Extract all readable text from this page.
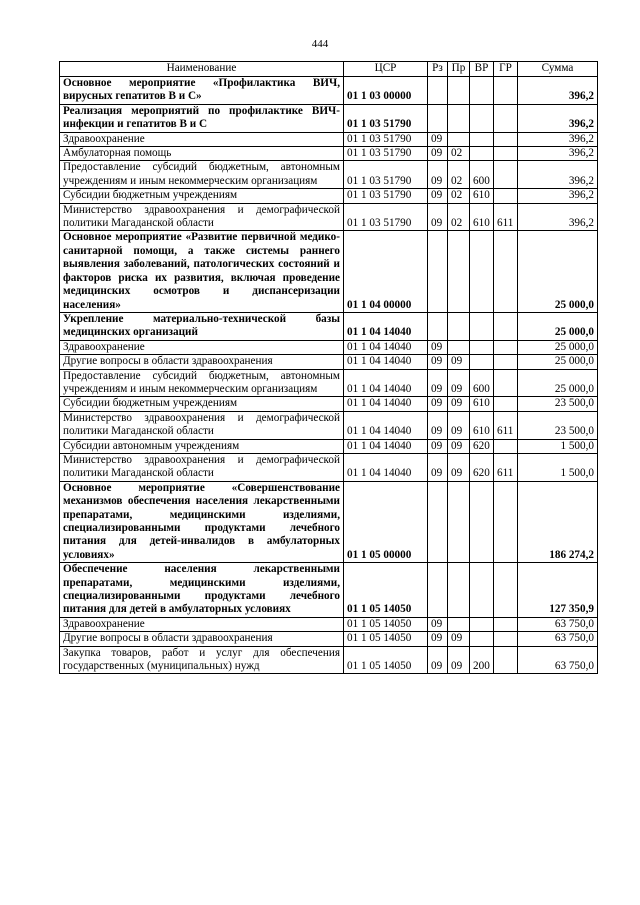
444
Наименование	ЦСР	Рз	Пр	ВР	ГР	Сумма
Основное мероприятие «Профилактика ВИЧ, вирусных гепатитов В и С»	01 1 03 00000					396,2
Реализация мероприятий по профилактике ВИЧ-инфекции и гепатитов В и С	01 1 03 51790					396,2
Здравоохранение	01 1 03 51790	09				396,2
Амбулаторная помощь	01 1 03 51790	09	02			396,2
Предоставление субсидий бюджетным, автономным учреждениям и иным некоммерческим организациям	01 1 03 51790	09	02	600		396,2
Субсидии бюджетным учреждениям	01 1 03 51790	09	02	610		396,2
Министерство здравоохранения и демографической политики Магаданской области	01 1 03 51790	09	02	610	611	396,2
Основное мероприятие «Развитие первичной медико-санитарной помощи, а также системы раннего выявления заболеваний, патологических состояний и факторов риска их развития, включая проведение медицинских осмотров и диспансеризации населения»	01 1 04 00000					25 000,0
Укрепление материально-технической базы медицинских организаций	01 1 04 14040					25 000,0
Здравоохранение	01 1 04 14040	09				25 000,0
Другие вопросы в области здравоохранения	01 1 04 14040	09	09			25 000,0
Предоставление субсидий бюджетным, автономным учреждениям и иным некоммерческим организациям	01 1 04 14040	09	09	600		25 000,0
Субсидии бюджетным учреждениям	01 1 04 14040	09	09	610		23 500,0
Министерство здравоохранения и демографической политики Магаданской области	01 1 04 14040	09	09	610	611	23 500,0
Субсидии автономным учреждениям	01 1 04 14040	09	09	620		1 500,0
Министерство здравоохранения и демографической политики Магаданской области	01 1 04 14040	09	09	620	611	1 500,0
Основное мероприятие «Совершенствование механизмов обеспечения населения лекарственными препаратами, медицинскими изделиями, специализированными продуктами лечебного питания для детей-инвалидов в амбулаторных условиях»	01 1 05 00000					186 274,2
Обеспечение населения лекарственными препаратами, медицинскими изделиями, специализированными продуктами лечебного питания для детей в амбулаторных условиях	01 1 05 14050					127 350,9
Здравоохранение	01 1 05 14050	09				63 750,0
Другие вопросы в области здравоохранения	01 1 05 14050	09	09			63 750,0
Закупка товаров, работ и услуг для обеспечения государственных (муниципальных) нужд	01 1 05 14050	09	09	200		63 750,0
